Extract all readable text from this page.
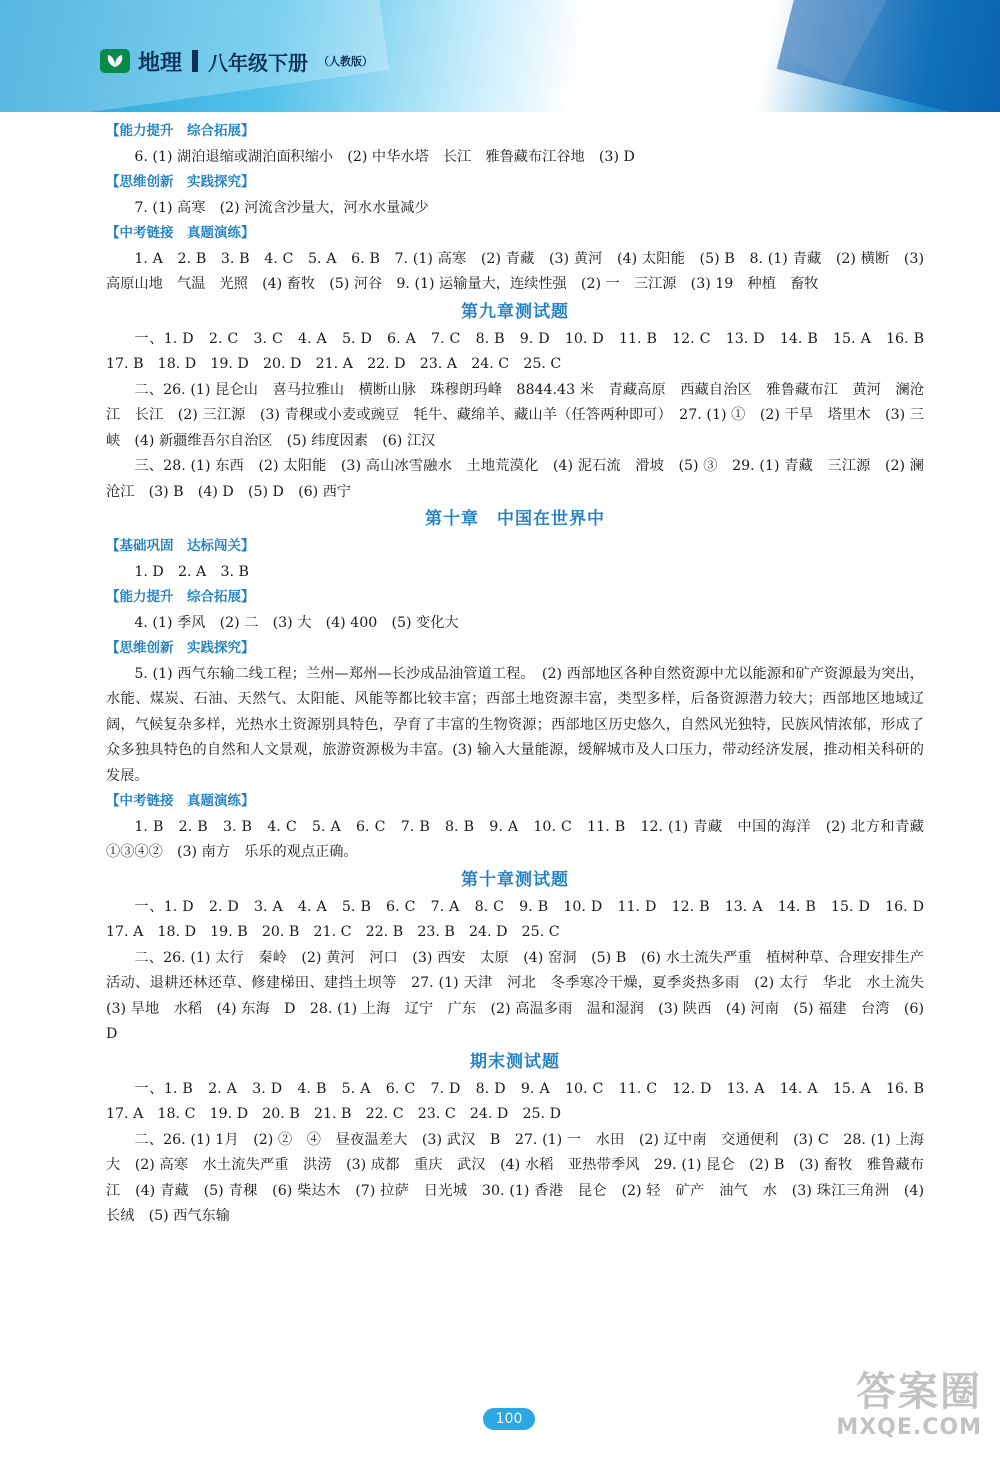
地理 八年级下册 （人教版）
【能力提升　综合拓展】
6. (1) 湖泊退缩或湖泊面积缩小　(2) 中华水塔　长江　雅鲁藏布江谷地　(3) D
【思维创新　实践探究】
7. (1) 高寒　(2) 河流含沙量大，河水水量减少
【中考链接　真题演练】
1. A　2. B　3. B　4. C　5. A　6. B　7. (1) 高寒　(2) 青藏　(3) 黄河　(4) 太阳能　(5) B　8. (1) 青藏　(2) 横断　(3) 高原山地　气温　光照　(4) 畜牧　(5) 河谷　9. (1) 运输量大，连续性强　(2) 一　三江源　(3) 19　种植　畜牧
第九章测试题
一、1. D　2. C　3. C　4. A　5. D　6. A　7. C　8. B　9. D　10. D　11. B　12. C　13. D　14. B　15. A　16. B　17. B　18. D　19. D　20. D　21. A　22. D　23. A　24. C　25. C
二、26. (1) 昆仑山　喜马拉雅山　横断山脉　珠穆朗玛峰　8844.43 米　青藏高原　西藏自治区　雅鲁藏布江　黄河　澜沧江　长江　(2) 三江源　(3) 青稞或小麦或豌豆　牦牛、藏绵羊、藏山羊（任答两种即可）　27. (1) ①　(2) 干旱　塔里木　(3) 三峡　(4) 新疆维吾尔自治区　(5) 纬度因素　(6) 江汉
三、28. (1) 东西　(2) 太阳能　(3) 高山冰雪融水　土地荒漠化　(4) 泥石流　滑坡　(5) ③　29. (1) 青藏　三江源　(2) 澜沧江　(3) B　(4) D　(5) D　(6) 西宁
第十章　中国在世界中
【基础巩固　达标闯关】
1. D　2. A　3. B
【能力提升　综合拓展】
4. (1) 季风　(2) 二　(3) 大　(4) 400　(5) 变化大
【思维创新　实践探究】
5. (1) 西气东输二线工程；兰州—郑州—长沙成品油管道工程。　(2) 西部地区各种自然资源中尤以能源和矿产资源最为突出，水能、煤炭、石油、天然气、太阳能、风能等都比较丰富；西部土地资源丰富，类型多样，后备资源潜力较大；西部地区地域辽阔，气候复杂多样，光热水土资源别具特色，孕育了丰富的生物资源；西部地区历史悠久，自然风光独特，民族风情浓郁，形成了众多独具特色的自然和人文景观，旅游资源极为丰富。(3) 输入大量能源，缓解城市及人口压力，带动经济发展，推动相关科研的发展。
【中考链接　真题演练】
1. B　2. B　3. B　4. C　5. A　6. C　7. B　8. B　9. A　10. C　11. B　12. (1) 青藏　中国的海洋　(2) 北方和青藏　①③④②　(3) 南方　乐乐的观点正确。
第十章测试题
一、1. D　2. D　3. A　4. A　5. B　6. C　7. A　8. C　9. B　10. D　11. D　12. B　13. A　14. B　15. D　16. D　17. A　18. D　19. B　20. B　21. C　22. B　23. B　24. D　25. C
二、26. (1) 太行　秦岭　(2) 黄河　河口　(3) 西安　太原　(4) 窑洞　(5) B　(6) 水土流失严重　植树种草、合理安排生产活动、退耕还林还草、修建梯田、建挡土坝等　27. (1) 天津　河北　冬季寒冷干燥，夏季炎热多雨　(2) 太行　华北　水土流失　(3) 旱地　水稻　(4) 东海　D　28. (1) 上海　辽宁　广东　(2) 高温多雨　温和湿润　(3) 陕西　(4) 河南　(5) 福建　台湾　(6) D
期末测试题
一、1. B　2. A　3. D　4. B　5. A　6. C　7. D　8. D　9. A　10. C　11. C　12. D　13. A　14. A　15. A　16. B　17. A　18. C　19. D　20. B　21. B　22. C　23. C　24. D　25. D
二、26. (1) 1月　(2) ②　④　昼夜温差大　(3) 武汉　B　27. (1) 一　水田　(2) 辽中南　交通便利　(3) C　28. (1) 上海　大　(2) 高寒　水土流失严重　洪涝　(3) 成都　重庆　武汉　(4) 水稻　亚热带季风　29. (1) 昆仑　(2) B　(3) 畜牧　雅鲁藏布江　(4) 青藏　(5) 青稞　(6) 柴达木　(7) 拉萨　日光城　30. (1) 香港　昆仑　(2) 轻　矿产　油气　水　(3) 珠江三角洲　(4) 长绒　(5) 西气东输
100
答案圈
MXQE.COM
